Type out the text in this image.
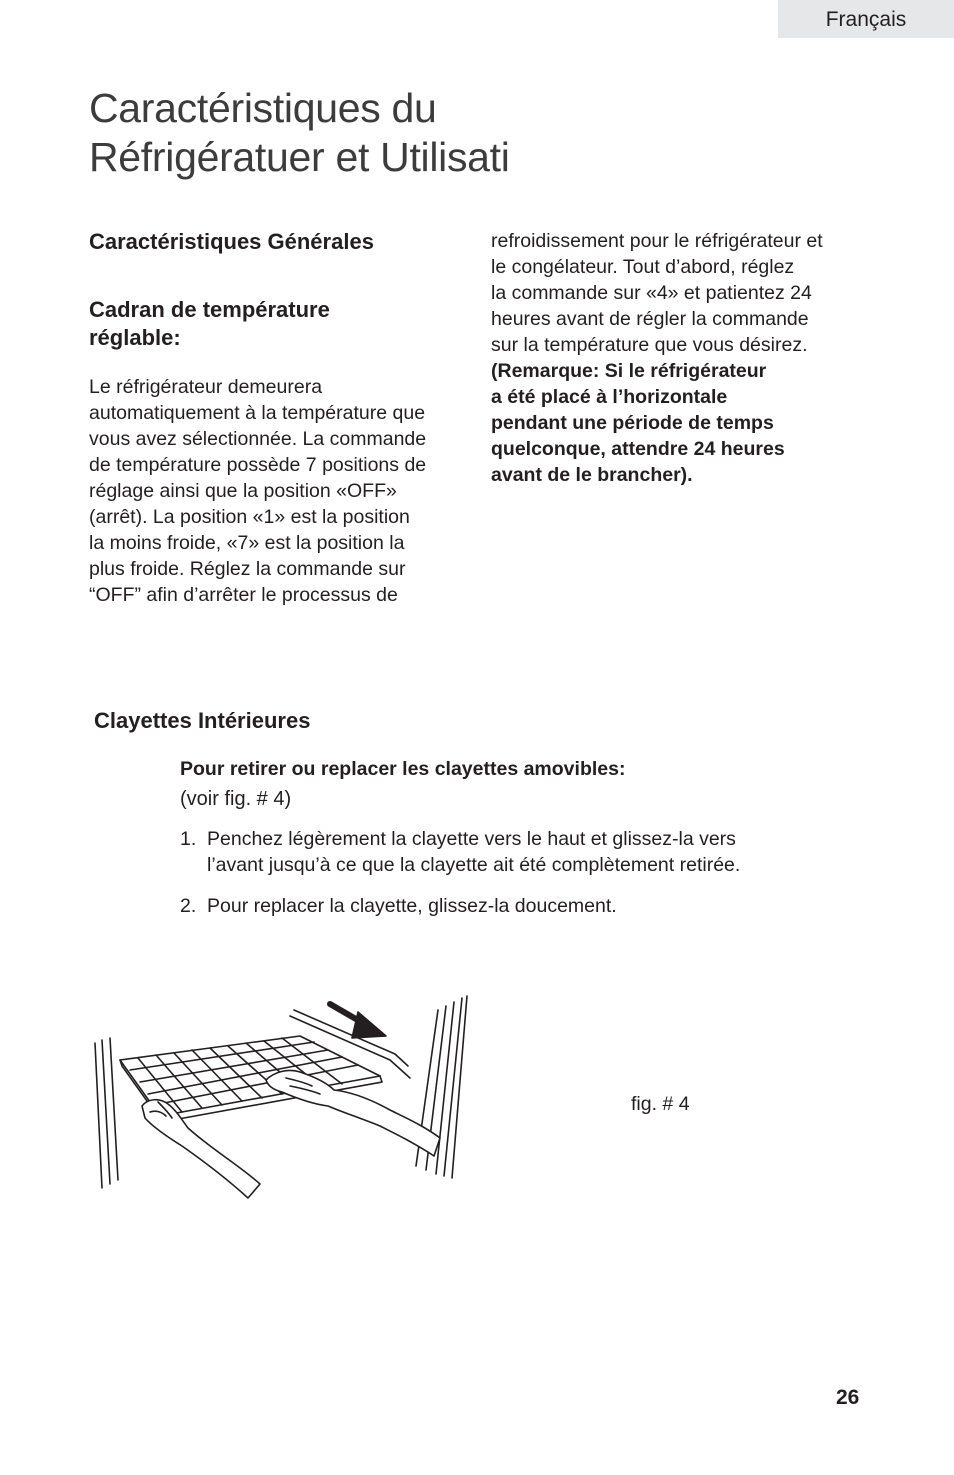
Français
Caractéristiques du
Réfrigératuer et Utilisati

Caractéristiques Générales

Cadran de température
réglable:

Le réfrigérateur demeurera
automatiquement à la température que
vous avez sélectionnée. La commande
de température possède 7 positions de
réglage ainsi que la position «OFF»
(arrêt). La position «1» est la position
la moins froide, «7» est la position la
plus froide. Réglez la commande sur
“OFF” afin d’arrêter le processus de
refroidissement pour le réfrigérateur et
le congélateur. Tout d’abord, réglez
la commande sur «4» et patientez 24
heures avant de régler la commande
sur la température que vous désirez.
(Remarque: Si le réfrigérateur
a été placé à l’horizontale
pendant une période de temps
quelconque, attendre 24 heures
avant de le brancher).
Clayettes Intérieures
Pour retirer ou replacer les clayettes amovibles:
(voir fig. # 4)
1. Penchez légèrement la clayette vers le haut et glissez-la vers
l’avant jusqu’à ce que la clayette ait été complètement retirée.
2. Pour replacer la clayette, glissez-la doucement.
fig. # 4
26
